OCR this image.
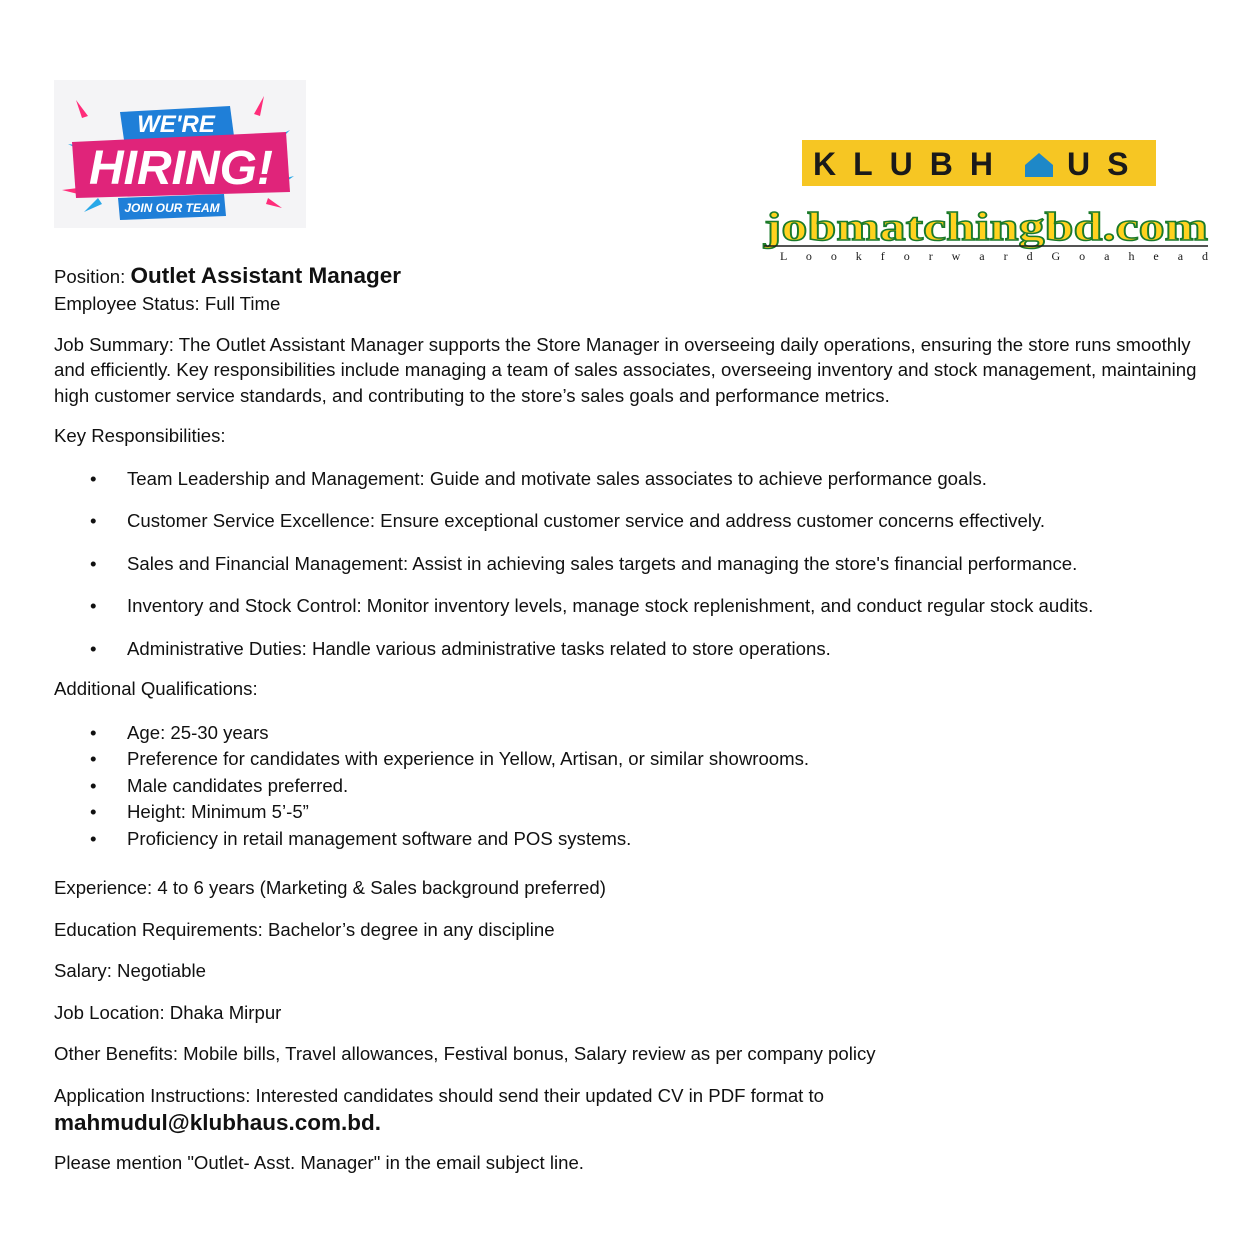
WE'RE
HIRING!
JOIN OUR TEAM
KLUBH US
jobmatchingbd.com
L o o k f o r w a r d G o a h e a d

Position: Outlet Assistant Manager

Employee Status: Full Time

Job Summary: The Outlet Assistant Manager supports the Store Manager in overseeing daily operations, ensuring the store runs smoothly and efficiently. Key responsibilities include managing a team of sales associates, overseeing inventory and stock management, maintaining high customer service standards, and contributing to the store’s sales goals and performance metrics.

Key Responsibilities:

• Team Leadership and Management: Guide and motivate sales associates to achieve performance goals.
• Customer Service Excellence: Ensure exceptional customer service and address customer concerns effectively.
• Sales and Financial Management: Assist in achieving sales targets and managing the store's financial performance.
• Inventory and Stock Control: Monitor inventory levels, manage stock replenishment, and conduct regular stock audits.
• Administrative Duties: Handle various administrative tasks related to store operations.

Additional Qualifications:

• Age: 25-30 years
• Preference for candidates with experience in Yellow, Artisan, or similar showrooms.
• Male candidates preferred.
• Height: Minimum 5’-5”
• Proficiency in retail management software and POS systems.

Experience: 4 to 6 years (Marketing & Sales background preferred)

Education Requirements: Bachelor’s degree in any discipline

Salary: Negotiable

Job Location: Dhaka Mirpur

Other Benefits: Mobile bills, Travel allowances, Festival bonus, Salary review as per company policy

Application Instructions: Interested candidates should send their updated CV in PDF format to

mahmudul@klubhaus.com.bd.

Please mention "Outlet- Asst. Manager" in the email subject line.
